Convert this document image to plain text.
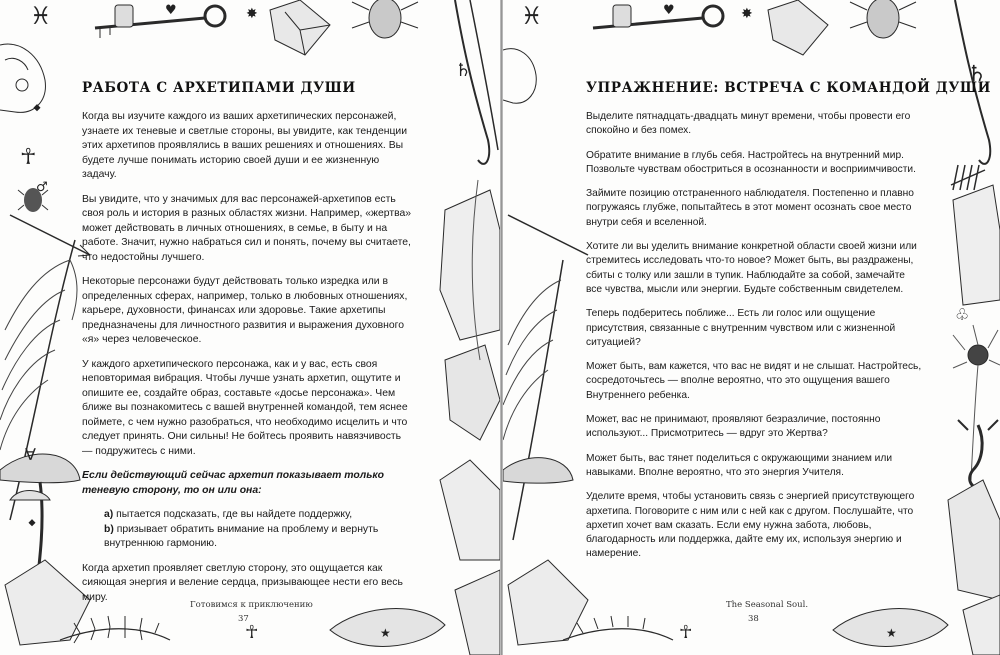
♓	♥	✸
☥
♂
∀
♄
☥	★
РАБОТА С АРХЕТИПАМИ ДУШИ

Когда вы изучите каждого из ваших архетипических персонажей, узнаете их теневые и светлые стороны, вы увидите, как тенденции этих архетипов проявлялись в ваших решениях и отношениях. Вы будете лучше понимать историю своей души и ее жизненную задачу.

Вы увидите, что у значимых для вас персонажей-архетипов есть своя роль и история в разных областях жизни. Например, «жертва» может действовать в личных отношениях, в семье, в быту и на работе. Значит, нужно набраться сил и понять, почему вы считаете, что недостойны лучшего.

Некоторые персонажи будут действовать только изредка или в определенных сферах, например, только в любовных отношениях, карьере, духовности, финансах или здоровье. Такие архетипы предназначены для личностного развития и выражения духовного «я» через человеческое.

У каждого архетипического персонажа, как и у вас, есть своя неповторимая вибрация. Чтобы лучше узнать архетип, ощутите и опишите ее, создайте образ, составьте «досье персонажа». Чем ближе вы познакомитесь с вашей внутренней командой, тем яснее поймете, с чем нужно разобраться, что необходимо исцелить и что следует принять. Они сильны! Не бойтесь проявить навязчивость — подружитесь с ними.

Если действующий сейчас архетип показывает только теневую сторону, то он или она:

а) пытается подсказать, где вы найдете поддержку,
b) призывает обратить внимание на проблему и вернуть внутреннюю гармонию.

Когда архетип проявляет светлую сторону, это ощущается как сияющая энергия и веление сердца, призывающее нести его весь миру.

Готовимся к приключению
37
♓	♥	✸
♄
♧
☥	★
УПРАЖНЕНИЕ: ВСТРЕЧА С КОМАНДОЙ ДУШИ

Выделите пятнадцать-двадцать минут времени, чтобы провести его спокойно и без помех.

Обратите внимание в глубь себя. Настройтесь на внутренний мир. Позвольте чувствам обостриться в осознанности и восприимчивости.

Займите позицию отстраненного наблюдателя. Постепенно и плавно погружаясь глубже, попытайтесь в этот момент осознать свое место внутри себя и вселенной.

Хотите ли вы уделить внимание конкретной области своей жизни или стремитесь исследовать что-то новое? Может быть, вы раздражены, сбиты с толку или зашли в тупик. Наблюдайте за собой, замечайте все чувства, мысли или энергии. Будьте собственным свидетелем.

Теперь подберитесь поближе... Есть ли голос или ощущение присутствия, связанные с внутренним чувством или с жизненной ситуацией?

Может быть, вам кажется, что вас не видят и не слышат. Настройтесь, сосредоточьтесь — вполне вероятно, что это ощущения вашего Внутреннего ребенка.

Может, вас не принимают, проявляют безразличие, постоянно используют... Присмотритесь — вдруг это Жертва?

Может быть, вас тянет поделиться с окружающими знанием или навыками. Вполне вероятно, что это энергия Учителя.

Уделите время, чтобы установить связь с энергией присутствующего архетипа. Поговорите с ним или с ней как с другом. Послушайте, что архетип хочет вам сказать. Если ему нужна забота, любовь, благодарность или поддержка, дайте ему их, используя энергию и намерение.

The Seasonal Soul.
38
